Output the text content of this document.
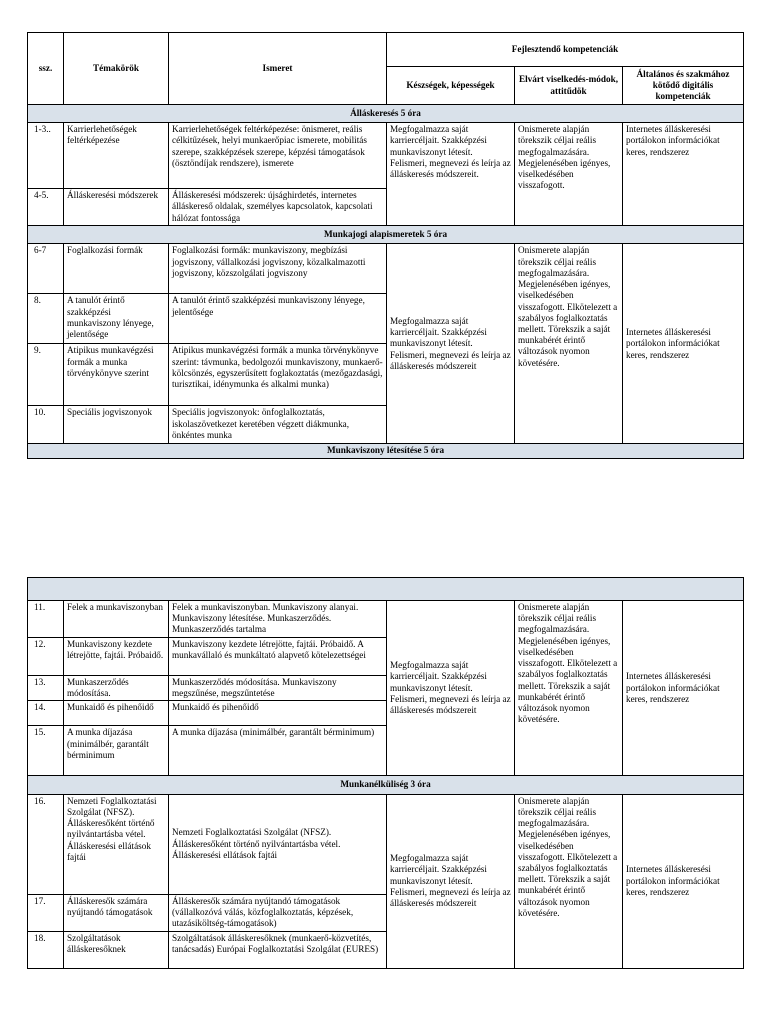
ssz.	Témakörök	Ismeret	Fejlesztendő kompetenciák		
			Készségek, képességek	Elvárt viselkedés-módok, attitűdök	Általános és szakmához kötődő digitális kompetenciák
Álláskeresés 5 óra					
1-3..	Karrierlehetőségek feltérképezése	Karrierlehetőségek feltérképezése: önismeret, reális célkitűzések, helyi munkaerőpiac ismerete, mobilitás szerepe, szakképzések szerepe, képzési támogatások (ösztöndíjak rendszere), ismerete	Megfogalmazza saját karriercéljait. Szakképzési munkaviszonyt létesít. Felismeri, megnevezi és leírja az álláskeresés módszereit.	Onismerete alapján törekszik céljai reális megfogalmazására. Megjelenésében igényes, viselkedésében visszafogott.	Internetes álláskeresési portálokon információkat keres, rendszerez
4-5.	Álláskeresési módszerek	Álláskeresési módszerek: újsághirdetés, internetes álláskereső oldalak, személyes kapcsolatok, kapcsolati hálózat fontossága			
Munkajogi alapismeretek 5 óra					
6-7	Foglalkozási formák	Foglalkozási formák: munkaviszony, megbízási jogviszony, vállalkozási jogviszony, közalkalmazotti jogviszony, közszolgálati jogviszony	Megfogalmazza saját karriercéljait. Szakképzési munkaviszonyt létesít. Felismeri, megnevezi és leírja az álláskeresés módszereit	Onismerete alapján törekszik céljai reális megfogalmazására. Megjelenésében igényes, viselkedésében visszafogott. Elkötelezett a szabályos foglalkoztatás mellett. Törekszik a saját munkabérét érintő változások nyomon követésére.	Internetes álláskeresési portálokon információkat keres, rendszerez
8.	A tanulót érintő szakképzési munkaviszony lényege, jelentősége	A tanulót érintő szakképzési munkaviszony lényege, jelentősége			
9.	Atipikus munkavégzési formák a munka törvénykönyve szerint	Atipikus munkavégzési formák a munka törvénykönyve szerint: távmunka, bedolgozói munkaviszony, munkaerő-kölcsönzés, egyszerűsített foglakoztatás (mezőgazdasági, turisztikai, idénymunka és alkalmi munka)			
10.	Speciális jogviszonyok	Speciális jogviszonyok: önfoglalkoztatás, iskolaszövetkezet keretében végzett diákmunka, önkéntes munka			
Munkaviszony létesítése 5 óra					

11.	Felek a munkaviszonyban	Felek a munkaviszonyban. Munkaviszony alanyai. Munkaviszony létesítése. Munkaszerződés. Munkaszerződés tartalma	Megfogalmazza saját karriercéljait. Szakképzési munkaviszonyt létesít. Felismeri, megnevezi és leírja az álláskeresés módszereit	Onismerete alapján törekszik céljai reális megfogalmazására. Megjelenésében igényes, viselkedésében visszafogott. Elkötelezett a szabályos foglalkoztatás mellett. Törekszik a saját munkabérét érintő változások nyomon követésére.	Internetes álláskeresési portálokon információkat keres, rendszerez
12.	Munkaviszony kezdete létrejötte, fajtái. Próbaidő.	Munkaviszony kezdete létrejötte, fajtái. Próbaidő. A munkavállaló és munkáltató alapvető kötelezettségei			
13.	Munkaszerződés módosítása.	Munkaszerződés módosítása. Munkaviszony megszűnése, megszűntetése			
14.	Munkaidő és pihenőidő	Munkaidő és pihenőidő			
15.	A munka díjazása (minimálbér, garantált bérminimum	A munka díjazása (minimálbér, garantált bérminimum)			
Munkanélküliség 3 óra					
16.	Nemzeti Foglalkoztatási Szolgálat (NFSZ). Álláskeresőként történő nyilvántartásba vétel. Álláskeresési ellátások fajtái	Nemzeti Foglalkoztatási Szolgálat (NFSZ). Álláskeresőként történő nyilvántartásba vétel. Álláskeresési ellátások fajtái	Megfogalmazza saját karriercéljait. Szakképzési munkaviszonyt létesít. Felismeri, megnevezi és leírja az álláskeresés módszereit	Onismerete alapján törekszik céljai reális megfogalmazására. Megjelenésében igényes, viselkedésében visszafogott. Elkötelezett a szabályos foglalkoztatás mellett. Törekszik a saját munkabérét érintő változások nyomon követésére.	Internetes álláskeresési portálokon információkat keres, rendszerez
17.	Álláskeresők számára nyújtandó támogatások	Álláskeresők számára nyújtandó támogatások (vállalkozóvá válás, közfoglalkoztatás, képzések, utazásiköltség-támogatások)			
18.	Szolgáltatások álláskeresőknek	Szolgáltatások álláskeresőknek (munkaerő-közvetítés, tanácsadás) Európai Foglalkoztatási Szolgálat (EURES)			
